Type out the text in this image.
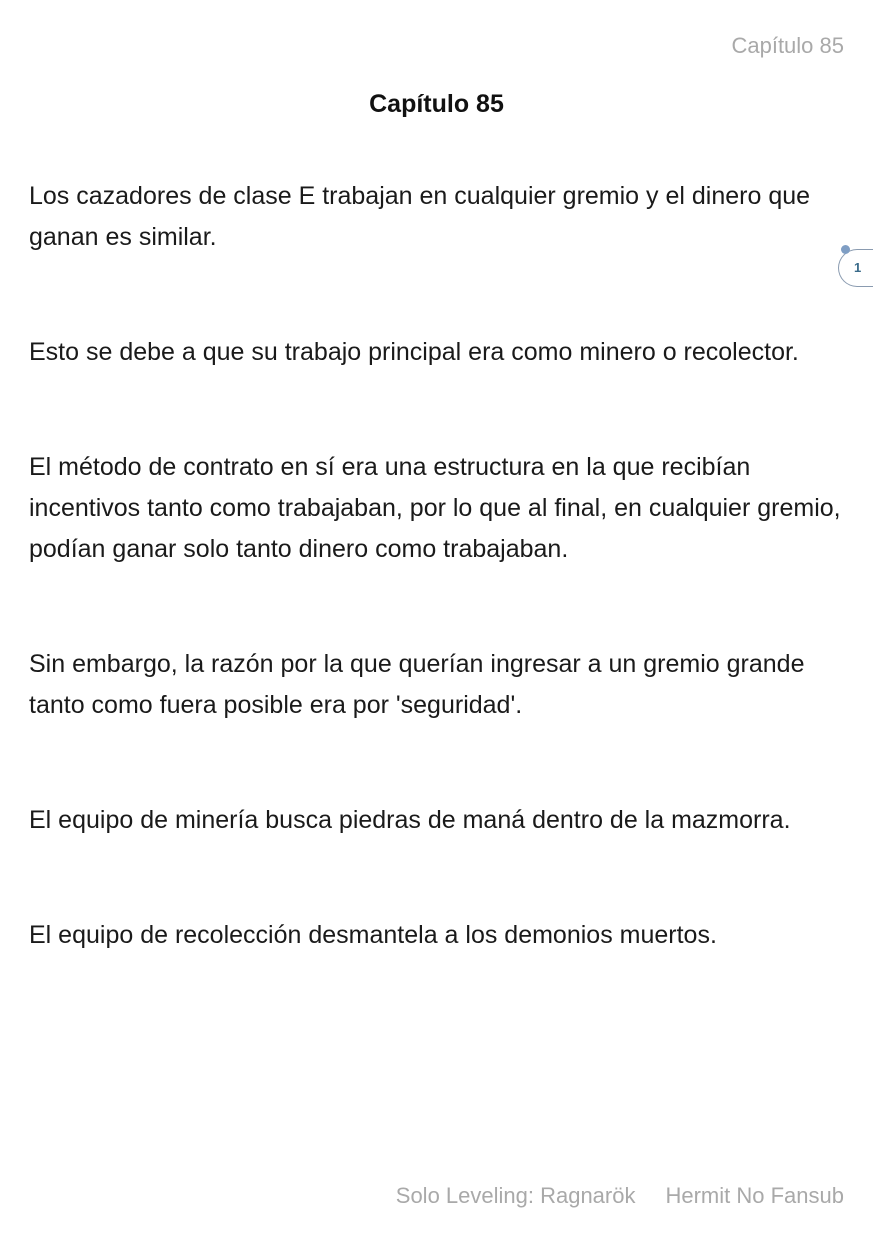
Capítulo 85
Capítulo 85

Los cazadores de clase E trabajan en cualquier gremio y el dinero que ganan es similar.

Esto se debe a que su trabajo principal era como minero o recolector.

El método de contrato en sí era una estructura en la que recibían incentivos tanto como trabajaban, por lo que al final, en cualquier gremio, podían ganar solo tanto dinero como trabajaban.

Sin embargo, la razón por la que querían ingresar a un gremio grande tanto como fuera posible era por 'seguridad'.

El equipo de minería busca piedras de maná dentro de la mazmorra.

El equipo de recolección desmantela a los demonios muertos.

1
Solo Leveling: Ragnarök Hermit No Fansub
